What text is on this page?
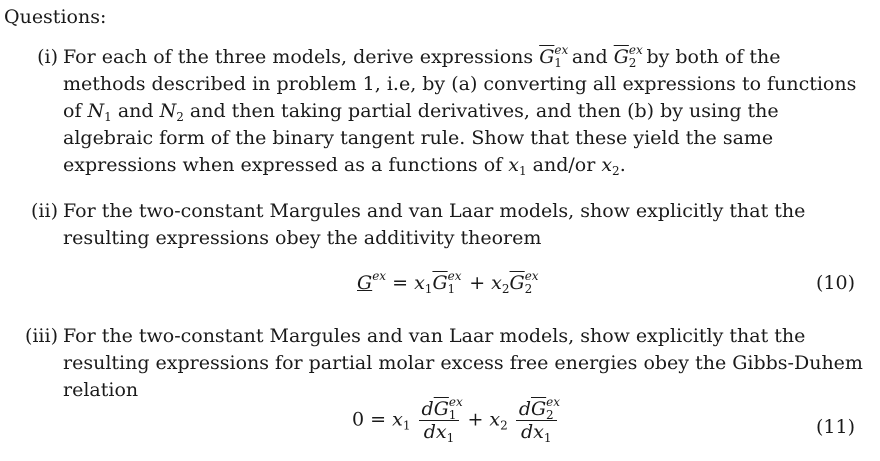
Questions:
(i) For each of the three models, derive expressions $\overline{G}^{ex}_1$ and $\overline{G}^{ex}_2$ by both of the
methods described in problem 1, i.e, by (a) converting all expressions to functions
of $N_1$ and $N_2$ and then taking partial derivatives, and then (b) by using the
algebraic form of the binary tangent rule. Show that these yield the same
expressions when expressed as a functions of $x_1$ and/or $x_2$.
(ii) For the two-constant Margules and van Laar models, show explicitly that the
resulting expressions obey the additivity theorem
$G^{ex} = x_1\overline{G}^{ex}_1 + x_2\overline{G}^{ex}_2$	(10)
(iii) For the two-constant Margules and van Laar models, show explicitly that the
resulting expressions for partial molar excess free energies obey the Gibbs-Duhem
relation
$0 = x_1 \frac{d\overline{G}^{ex}_1}{dx_1} + x_2 \frac{d\overline{G}^{ex}_2}{dx_1}$	(11)
